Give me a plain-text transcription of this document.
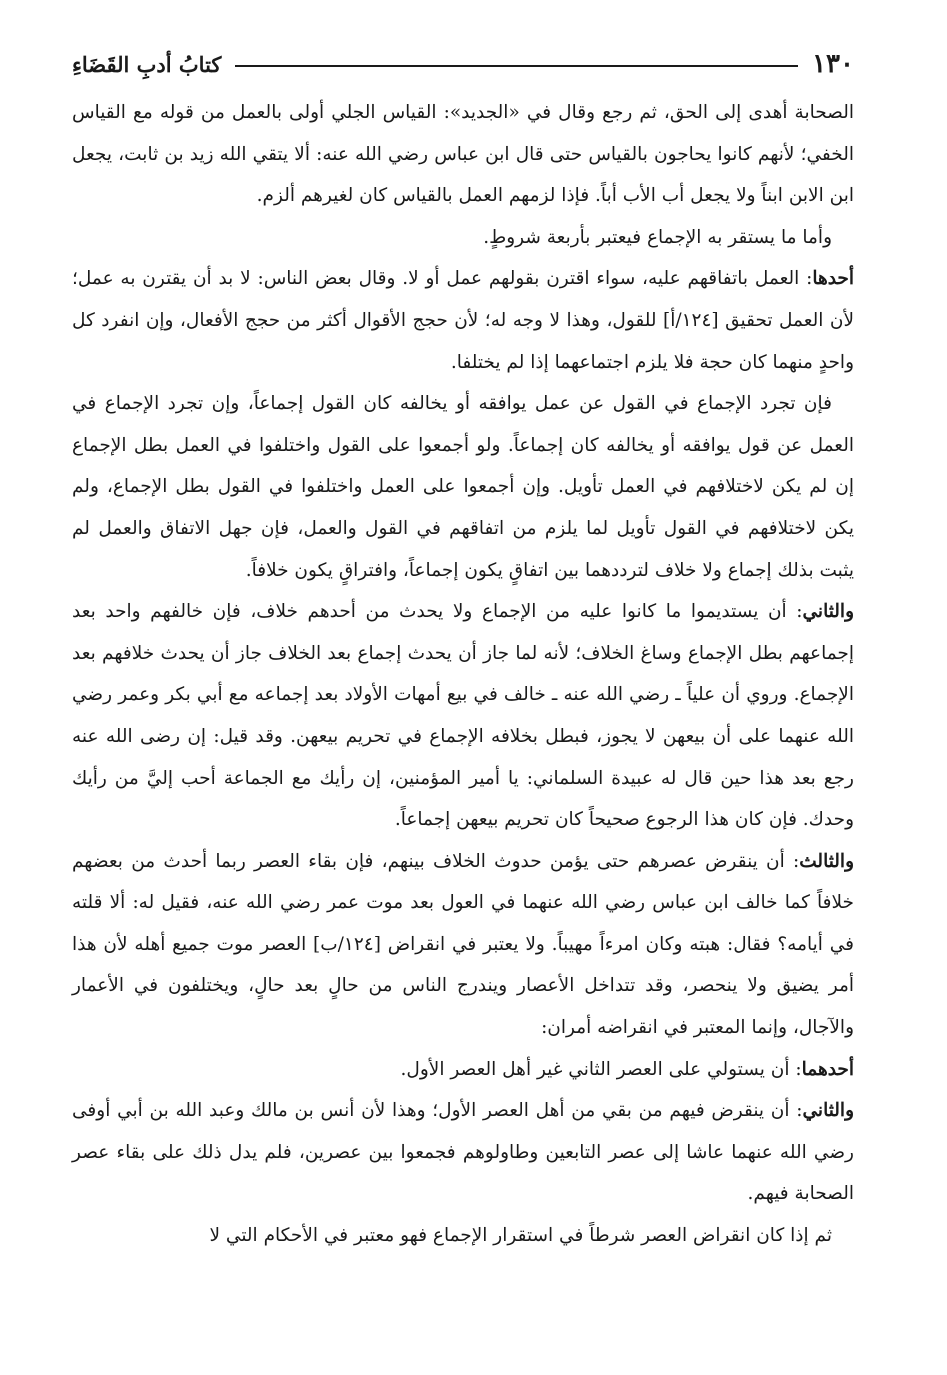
١٣٠
كتابُ أدبِ القَضَاءِ

الصحابة أهدى إلى الحق، ثم رجع وقال في «الجديد»: القياس الجلي أولى بالعمل من قوله مع القياس الخفي؛ لأنهم كانوا يحاجون بالقياس حتى قال ابن عباس رضي الله عنه: ألا يتقي الله زيد بن ثابت، يجعل ابن الابن ابناً ولا يجعل أب الأب أباً. فإذا لزمهم العمل بالقياس كان لغيرهم ألزم.

وأما ما يستقر به الإجماع فيعتبر بأربعة شروطٍ.

أحدها: العمل باتفاقهم عليه، سواء اقترن بقولهم عمل أو لا. وقال بعض الناس: لا بد أن يقترن به عمل؛ لأن العمل تحقيق [١٢٤/أ] للقول، وهذا لا وجه له؛ لأن حجج الأقوال أكثر من حجج الأفعال، وإن انفرد كل واحدٍ منهما كان حجة فلا يلزم اجتماعهما إذا لم يختلفا.

فإن تجرد الإجماع في القول عن عمل يوافقه أو يخالفه كان القول إجماعاً، وإن تجرد الإجماع في العمل عن قول يوافقه أو يخالفه كان إجماعاً. ولو أجمعوا على القول واختلفوا في العمل بطل الإجماع إن لم يكن لاختلافهم في العمل تأويل. وإن أجمعوا على العمل واختلفوا في القول بطل الإجماع، ولم يكن لاختلافهم في القول تأويل لما يلزم من اتفاقهم في القول والعمل، فإن جهل الاتفاق والعمل لم يثبت بذلك إجماع ولا خلاف لترددهما بين اتفاقٍ يكون إجماعاً، وافتراقٍ يكون خلافاً.

والثاني: أن يستديموا ما كانوا عليه من الإجماع ولا يحدث من أحدهم خلاف، فإن خالفهم واحد بعد إجماعهم بطل الإجماع وساغ الخلاف؛ لأنه لما جاز أن يحدث إجماع بعد الخلاف جاز أن يحدث خلافهم بعد الإجماع. وروي أن علياً ـ رضي الله عنه ـ خالف في بيع أمهات الأولاد بعد إجماعه مع أبي بكر وعمر رضي الله عنهما على أن بيعهن لا يجوز، فبطل بخلافه الإجماع في تحريم بيعهن. وقد قيل: إن رضى الله عنه رجع بعد هذا حين قال له عبيدة السلماني: يا أمير المؤمنين، إن رأيك مع الجماعة أحب إليَّ من رأيك وحدك. فإن كان هذا الرجوع صحيحاً كان تحريم بيعهن إجماعاً.

والثالث: أن ينقرض عصرهم حتى يؤمن حدوث الخلاف بينهم، فإن بقاء العصر ربما أحدث من بعضهم خلافاً كما خالف ابن عباس رضي الله عنهما في العول بعد موت عمر رضي الله عنه، فقيل له: ألا قلته في أيامه؟ فقال: هبته وكان امرءاً مهيباً. ولا يعتبر في انقراض [١٢٤/ب] العصر موت جميع أهله لأن هذا أمر يضيق ولا ينحصر، وقد تتداخل الأعصار ويندرج الناس من حالٍ بعد حالٍ، ويختلفون في الأعمار والآجال، وإنما المعتبر في انقراضه أمران:

أحدهما: أن يستولي على العصر الثاني غير أهل العصر الأول.

والثاني: أن ينقرض فيهم من بقي من أهل العصر الأول؛ وهذا لأن أنس بن مالك وعبد الله بن أبي أوفى رضي الله عنهما عاشا إلى عصر التابعين وطاولوهم فجمعوا بين عصرين، فلم يدل ذلك على بقاء عصر الصحابة فيهم.

ثم إذا كان انقراض العصر شرطاً في استقرار الإجماع فهو معتبر في الأحكام التي لا
